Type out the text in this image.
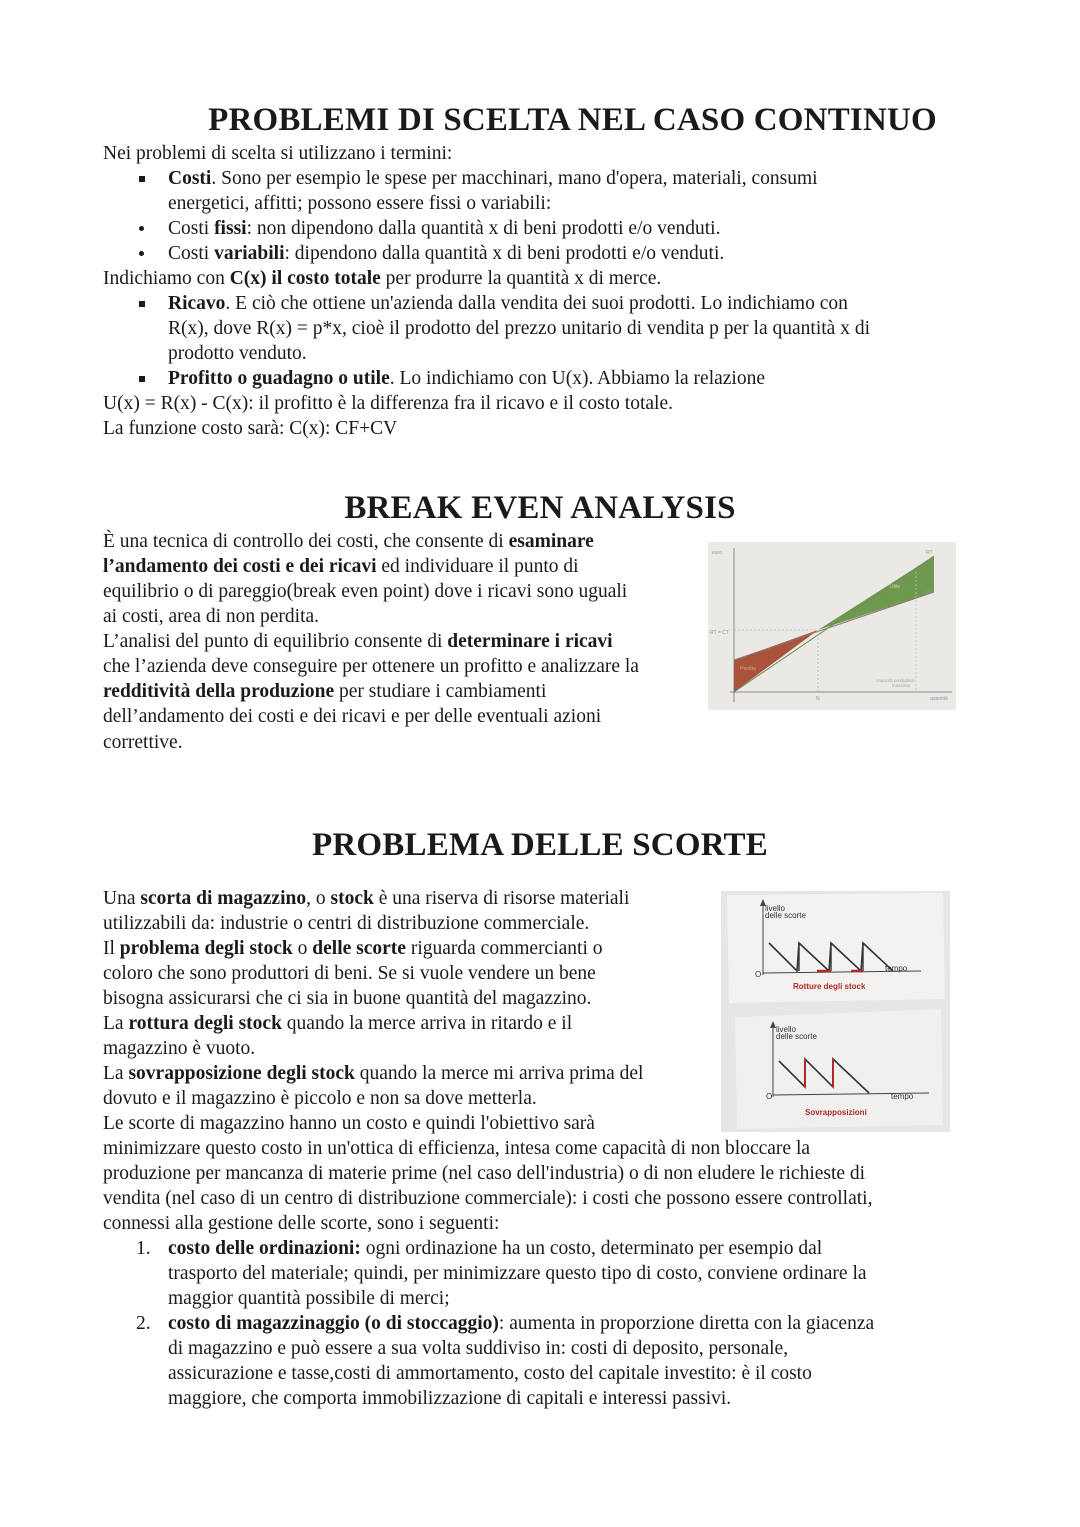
PROBLEMI DI SCELTA NEL CASO CONTINUO

Nei problemi di scelta si utilizzano i termini:

Costi. Sono per esempio le spese per macchinari, mano d'opera, materiali, consumi

energetici, affitti; possono essere fissi o variabili:

Costi fissi: non dipendono dalla quantità x di beni prodotti e/o venduti.

Costi variabili: dipendono dalla quantità x di beni prodotti e/o venduti.

Indichiamo con C(x) il costo totale per produrre la quantità x di merce.

Ricavo. E ciò che ottiene un'azienda dalla vendita dei suoi prodotti. Lo indichiamo con

R(x), dove R(x) = p*x, cioè il prodotto del prezzo unitario di vendita p per la quantità x di

prodotto venduto.

Profitto o guadagno o utile. Lo indichiamo con U(x). Abbiamo la relazione

U(x) = R(x) - C(x): il profitto è la differenza fra il ricavo e il costo totale.

La funzione costo sarà: C(x): CF+CV

BREAK EVEN ANALYSIS

È una tecnica di controllo dei costi, che consente di esaminare

l’andamento dei costi e dei ricavi ed individuare il punto di

equilibrio o di pareggio(break even point) dove i ricavi sono uguali

ai costi, area di non perdita.

L’analisi del punto di equilibrio consente di determinare i ricavi

che l’azienda deve conseguire per ottenere un profitto e analizzare la

redditività della produzione per studiare i cambiamenti

dell’andamento dei costi e dei ricavi e per delle eventuali azioni

correttive.

euro
RT = CT
RT
CT
Utile
Perdita
capacità produttiva
massima
N	quantità
PROBLEMA DELLE SCORTE

Una scorta di magazzino, o stock è una riserva di risorse materiali

utilizzabili da: industrie o centri di distribuzione commerciale.

Il problema degli stock o delle scorte riguarda commercianti o

coloro che sono produttori di beni. Se si vuole vendere un bene

bisogna assicurarsi che ci sia in buone quantità del magazzino.

La rottura degli stock quando la merce arriva in ritardo e il

magazzino è vuoto.

La sovrapposizione degli stock quando la merce mi arriva prima del

dovuto e il magazzino è piccolo e non sa dove metterla.

Le scorte di magazzino hanno un costo e quindi l'obiettivo sarà

minimizzare questo costo in un'ottica di efficienza, intesa come capacità di non bloccare la

produzione per mancanza di materie prime (nel caso dell'industria) o di non eludere le richieste di

vendita (nel caso di un centro di distribuzione commerciale): i costi che possono essere controllati,

connessi alla gestione delle scorte, sono i seguenti:

1. costo delle ordinazioni: ogni ordinazione ha un costo, determinato per esempio dal

trasporto del materiale; quindi, per minimizzare questo tipo di costo, conviene ordinare la

maggior quantità possibile di merci;

2. costo di magazzinaggio (o di stoccaggio): aumenta in proporzione diretta con la giacenza

di magazzino e può essere a sua volta suddiviso in: costi di deposito, personale,

assicurazione e tasse,costi di ammortamento, costo del capitale investito: è il costo

maggiore, che comporta immobilizzazione di capitali e interessi passivi.

livello
delle scorte
O
tempo
Rotture degli stock
livello
delle scorte
O	tempo
Sovrapposizioni
